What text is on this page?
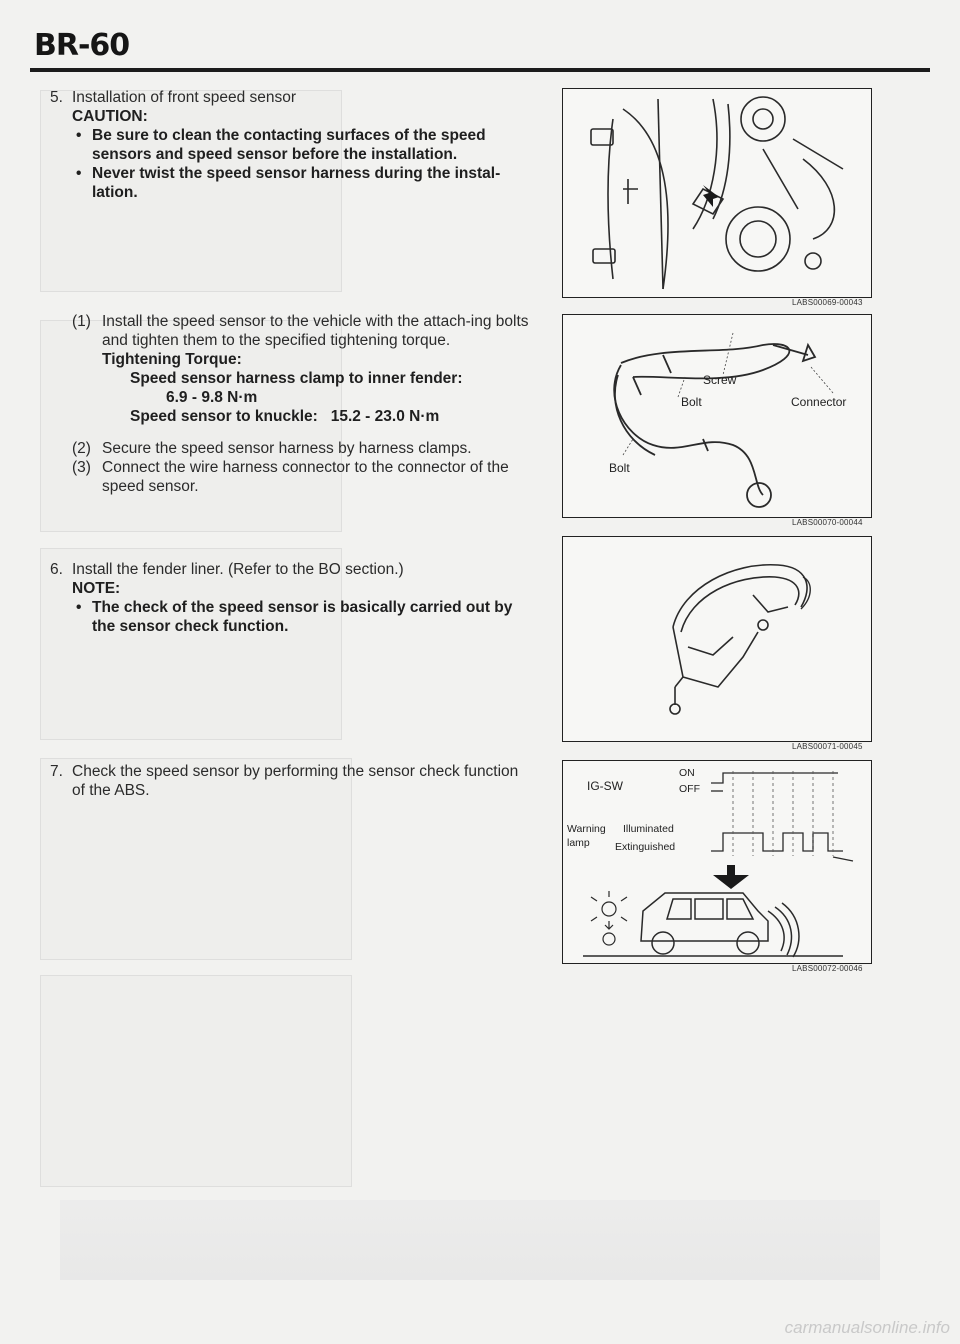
BR-60

5. Installation of front speed sensor

CAUTION:

• Be sure to clean the contacting surfaces of the speed sensors and speed sensor before the installation.

• Never twist the speed sensor harness during the instal-lation.

(1) Install the speed sensor to the vehicle with the attach-ing bolts and tighten them to the specified tightening torque.

Tightening Torque:

Speed sensor harness clamp to inner fender:

6.9 - 9.8 N·m

Speed sensor to knuckle: 15.2 - 23.0 N·m

(2) Secure the speed sensor harness by harness clamps.

(3) Connect the wire harness connector to the connector of the speed sensor.

6. Install the fender liner. (Refer to the BO section.)

NOTE:

• The check of the speed sensor is basically carried out by the sensor check function.

7. Check the speed sensor by performing the sensor check function of the ABS.

LABS00069-00043
Screw
Bolt	Connector
Bolt
LABS00070-00044
LABS00071-00045
IG-SW
ON
OFF
Warning
lamp
Illuminated
Extinguished
LABS00072-00046
carmanualsonline.info
